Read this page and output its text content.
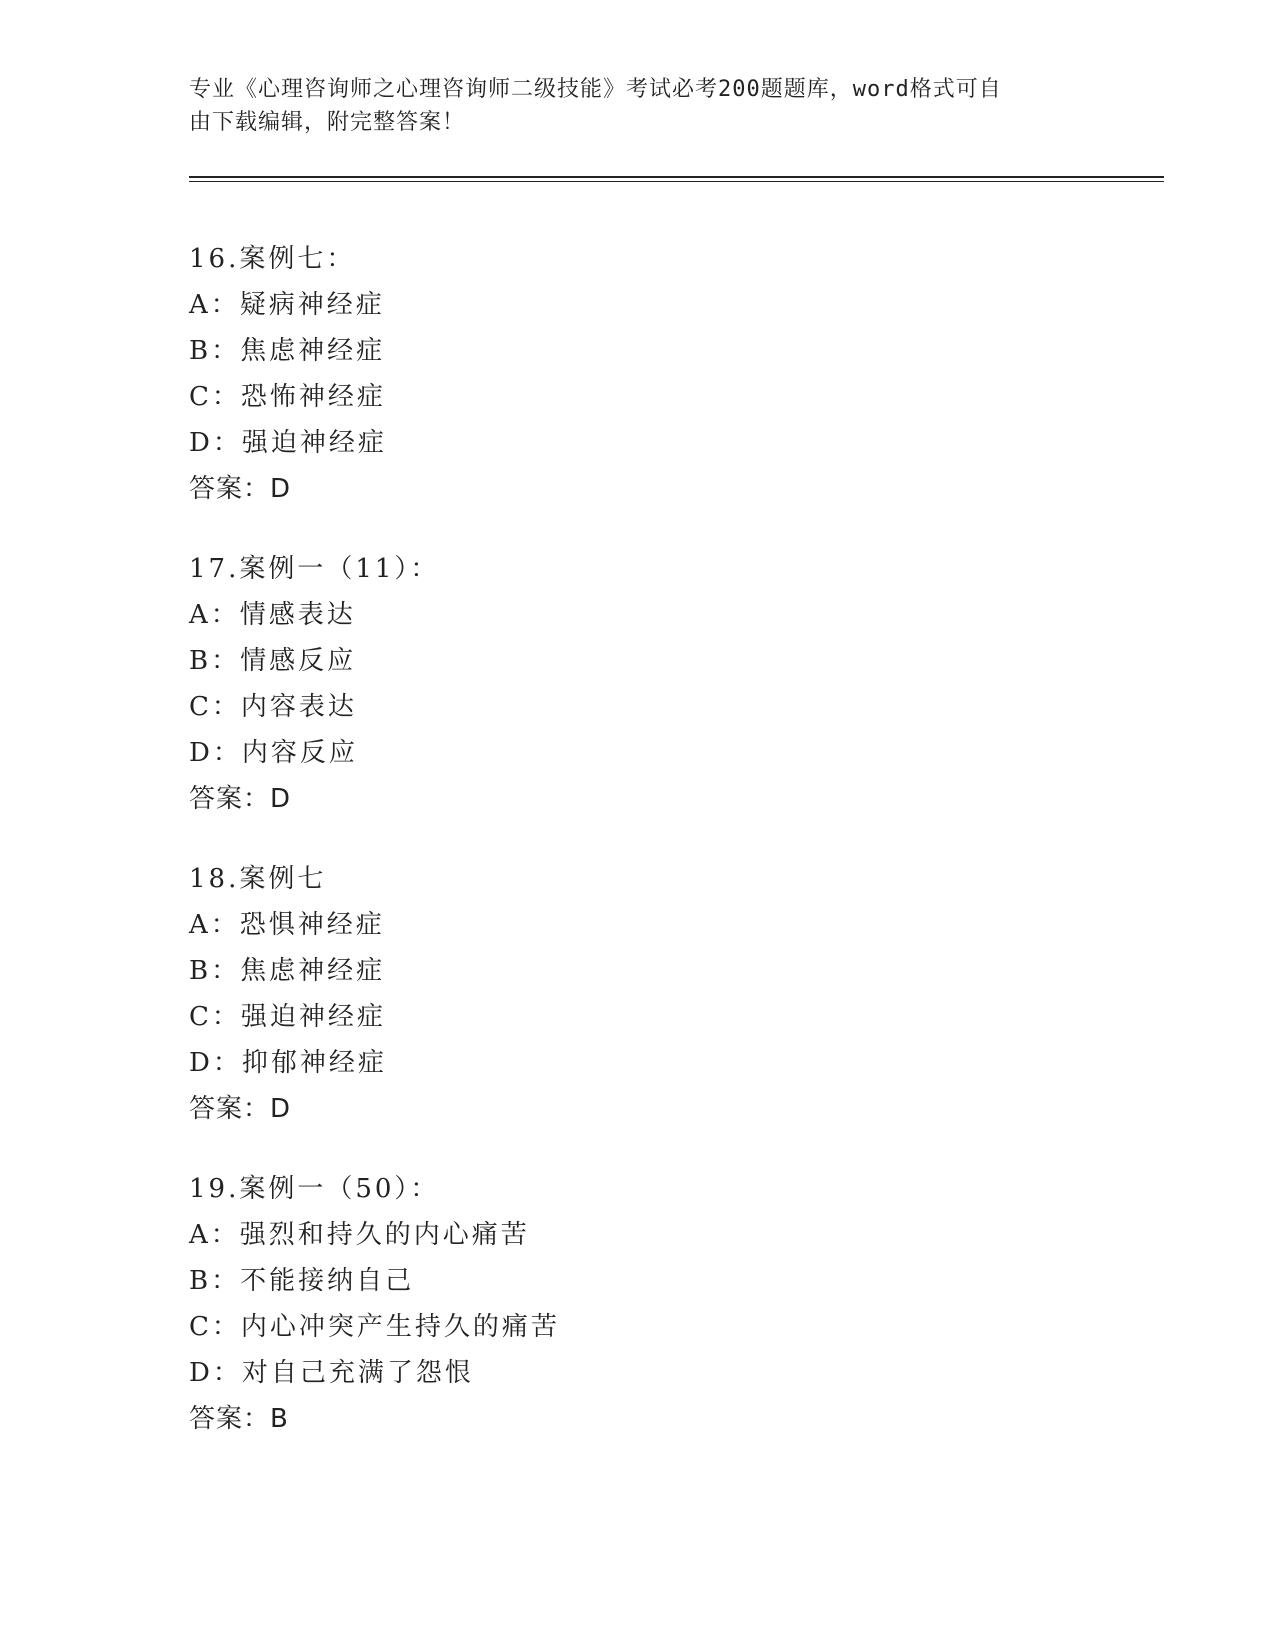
专业《心理咨询师之心理咨询师二级技能》考试必考200题题库，word格式可自
由下载编辑，附完整答案！
16.案例七：
A：疑病神经症
B：焦虑神经症
C：恐怖神经症
D：强迫神经症
答案：D
17.案例一（11）：
A：情感表达
B：情感反应
C：内容表达
D：内容反应
答案：D
18.案例七
A：恐惧神经症
B：焦虑神经症
C：强迫神经症
D：抑郁神经症
答案：D
19.案例一（50）：
A：强烈和持久的内心痛苦
B：不能接纳自己
C：内心冲突产生持久的痛苦
D：对自己充满了怨恨
答案：B
